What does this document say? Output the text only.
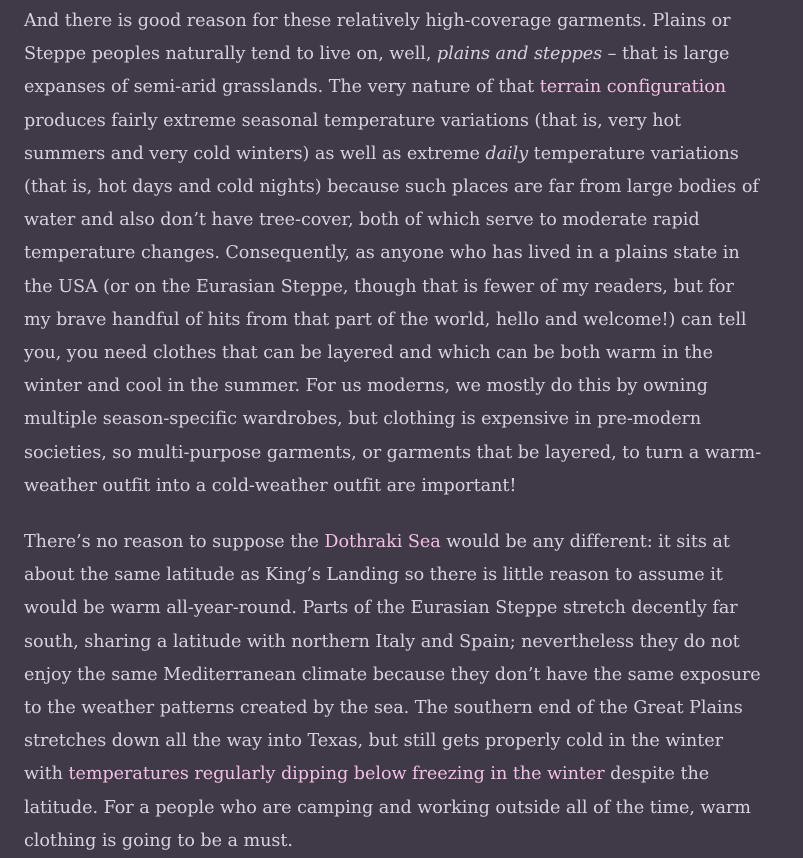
And there is good reason for these relatively high-coverage garments. Plains or Steppe peoples naturally tend to live on, well, plains and steppes – that is large expanses of semi-arid grasslands. The very nature of that terrain configuration produces fairly extreme seasonal temperature variations (that is, very hot summers and very cold winters) as well as extreme daily temperature variations (that is, hot days and cold nights) because such places are far from large bodies of water and also don’t have tree-cover, both of which serve to moderate rapid temperature changes. Consequently, as anyone who has lived in a plains state in the USA (or on the Eurasian Steppe, though that is fewer of my readers, but for my brave handful of hits from that part of the world, hello and welcome!) can tell you, you need clothes that can be layered and which can be both warm in the winter and cool in the summer. For us moderns, we mostly do this by owning multiple season-specific wardrobes, but clothing is expensive in pre-modern societies, so multi-purpose garments, or garments that be layered, to turn a warm-weather outfit into a cold-weather outfit are important!

There’s no reason to suppose the Dothraki Sea would be any different: it sits at about the same latitude as King’s Landing so there is little reason to assume it would be warm all-year-round. Parts of the Eurasian Steppe stretch decently far south, sharing a latitude with northern Italy and Spain; nevertheless they do not enjoy the same Mediterranean climate because they don’t have the same exposure to the weather patterns created by the sea. The southern end of the Great Plains stretches down all the way into Texas, but still gets properly cold in the winter with temperatures regularly dipping below freezing in the winter despite the latitude. For a people who are camping and working outside all of the time, warm clothing is going to be a must.
